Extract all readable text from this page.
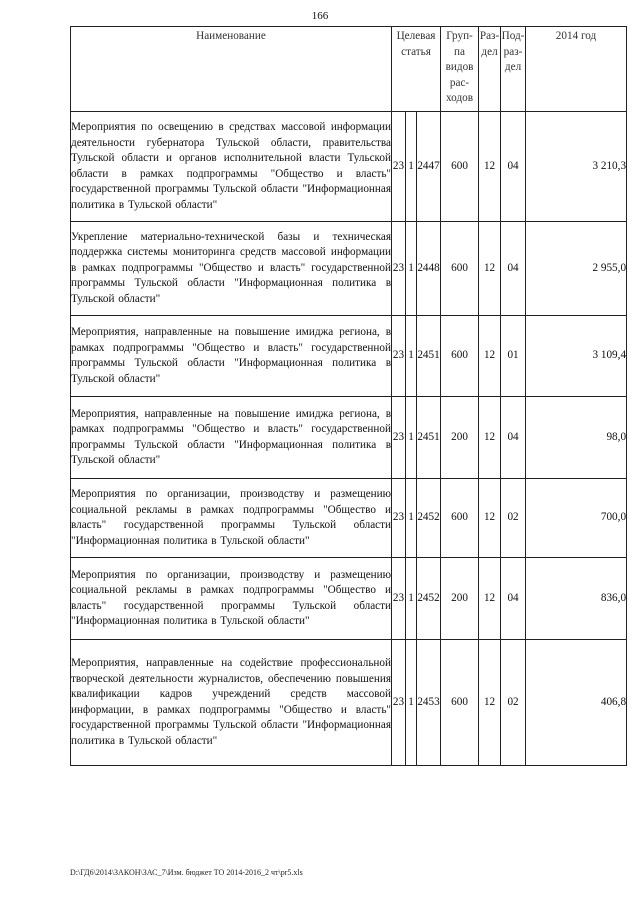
166
Наименование	Целевая статья			Груп- па видов рас- ходов	Раз- дел	Под- раз- дел	2014 год
Мероприятия по освещению в средствах массовой информации деятельности губернатора Тульской области, правительства Тульской области и органов исполнительной власти Тульской области в рамках подпрограммы "Общество и власть" государственной программы Тульской области "Информационная политика в Тульской области"	23	1	2447	600	12	04	3 210,3
Укрепление материально-технической базы и техническая поддержка системы мониторинга средств массовой информации в рамках подпрограммы "Общество и власть" государственной программы Тульской области "Информационная политика в Тульской области"	23	1	2448	600	12	04	2 955,0
Мероприятия, направленные на повышение имиджа региона, в рамках подпрограммы "Общество и власть" государственной программы Тульской области "Информационная политика в Тульской области"	23	1	2451	600	12	01	3 109,4
Мероприятия, направленные на повышение имиджа региона, в рамках подпрограммы "Общество и власть" государственной программы Тульской области "Информационная политика в Тульской области"	23	1	2451	200	12	04	98,0
Мероприятия по организации, производству и размещению социальной рекламы в рамках подпрограммы "Общество и власть" государственной программы Тульской области "Информационная политика в Тульской области"	23	1	2452	600	12	02	700,0
Мероприятия по организации, производству и размещению социальной рекламы в рамках подпрограммы "Общество и власть" государственной программы Тульской области "Информационная политика в Тульской области"	23	1	2452	200	12	04	836,0
Мероприятия, направленные на содействие профессиональной творческой деятельности журналистов, обеспечению повышения квалификации кадров учреждений средств массовой информации, в рамках подпрограммы "Общество и власть" государственной программы Тульской области "Информационная политика в Тульской области"	23	1	2453	600	12	02	406,8
D:\ГД6\2014\ЗАКОН\ЗАС_7\Изм. бюджет ТО 2014-2016_2 чт\pr5.xls
